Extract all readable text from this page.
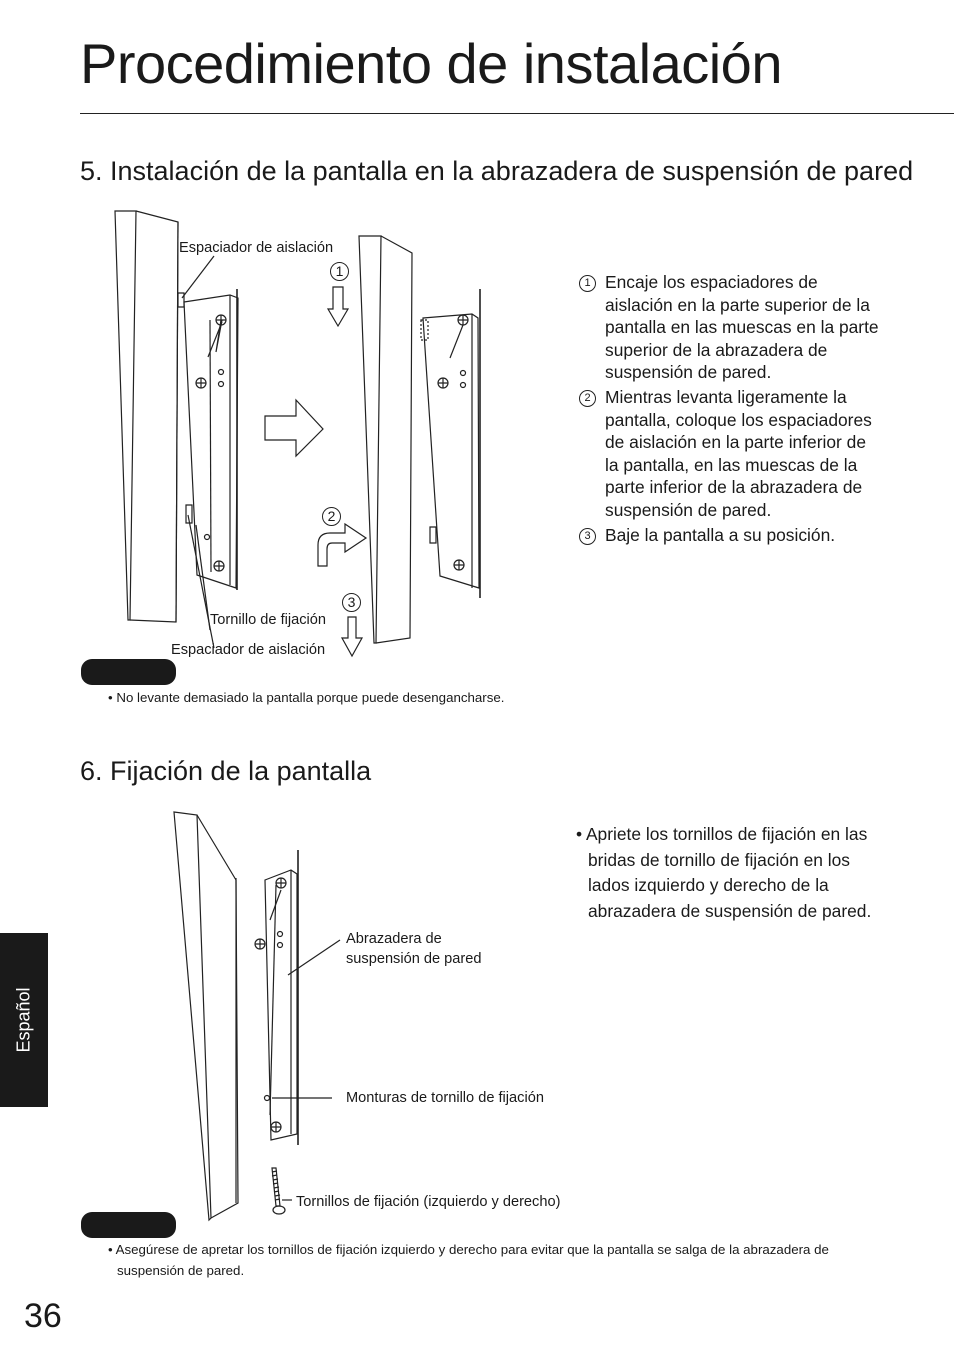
Procedimiento de instalación
5. Instalación de la pantalla en la abrazadera de suspensión de pared
1
2
3
Espaciador de aislación
Tornillo de fijación
Espaciador de aislación
1 Encaje los espaciadores de
aislación en la parte superior de la
pantalla en las muescas en la parte
superior de la abrazadera de
suspensión de pared.
2 Mientras levanta ligeramente la
pantalla, coloque los espaciadores
de aislación en la parte inferior de
la pantalla, en las muescas de la
parte inferior de la abrazadera de
suspensión de pared.
3 Baje la pantalla a su posición.
• No levante demasiado la pantalla porque puede desengancharse.
6. Fijación de la pantalla
Abrazadera de
suspensión de pared
Monturas de tornillo de fijación
Tornillos de fijación (izquierdo y derecho)
• Apriete los tornillos de fijación en las
bridas de tornillo de fijación en los
lados izquierdo y derecho de la
abrazadera de suspensión de pared.
• Asegúrese de apretar los tornillos de fijación izquierdo y derecho para evitar que la pantalla se salga de la abrazadera de
suspensión de pared.
Español
36
